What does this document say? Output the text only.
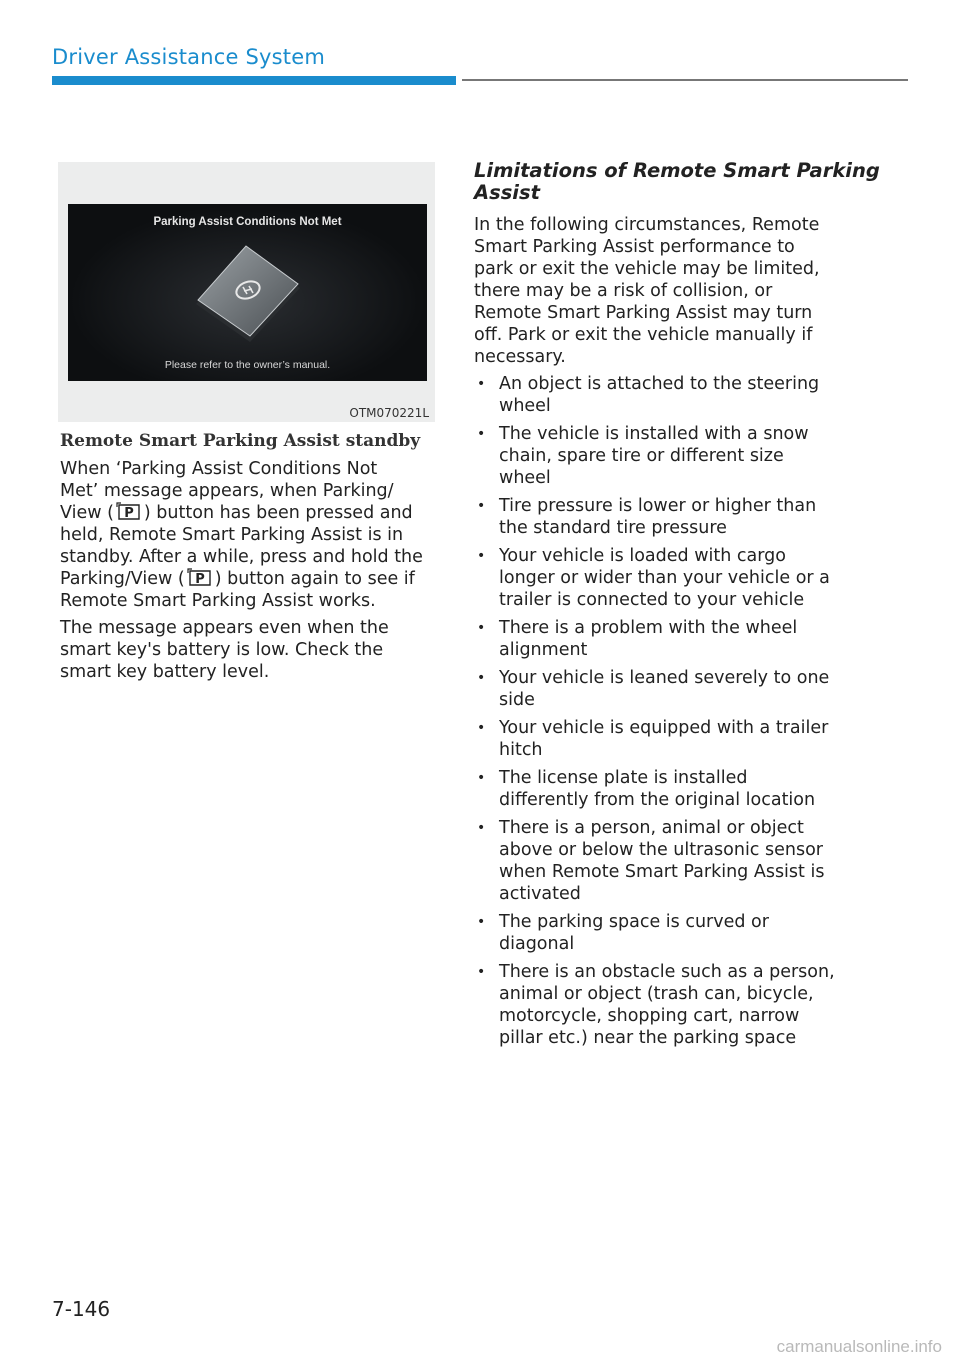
Driver Assistance System
Parking Assist Conditions Not Met
Please refer to the owner’s manual.
OTM070221L
Remote Smart Parking Assist standby
When ‘Parking Assist Conditions Not
Met’ message appears, when Parking/
View ( P ) button has been pressed and
held, Remote Smart Parking Assist is in
standby. After a while, press and hold the
Parking/View ( P ) button again to see if
Remote Smart Parking Assist works.
The message appears even when the
smart key's battery is low. Check the
smart key battery level.
Limitations of Remote Smart Parking
Assist
In the following circumstances, Remote
Smart Parking Assist performance to
park or exit the vehicle may be limited,
there may be a risk of collision, or
Remote Smart Parking Assist may turn
off. Park or exit the vehicle manually if
necessary.
• An object is attached to the steering
wheel
• The vehicle is installed with a snow
chain, spare tire or different size
wheel
• Tire pressure is lower or higher than
the standard tire pressure
• Your vehicle is loaded with cargo
longer or wider than your vehicle or a
trailer is connected to your vehicle
• There is a problem with the wheel
alignment
• Your vehicle is leaned severely to one
side
• Your vehicle is equipped with a trailer
hitch
• The license plate is installed
differently from the original location
• There is a person, animal or object
above or below the ultrasonic sensor
when Remote Smart Parking Assist is
activated
• The parking space is curved or
diagonal
• There is an obstacle such as a person,
animal or object (trash can, bicycle,
motorcycle, shopping cart, narrow
pillar etc.) near the parking space
7-146
carmanualsonline.info
